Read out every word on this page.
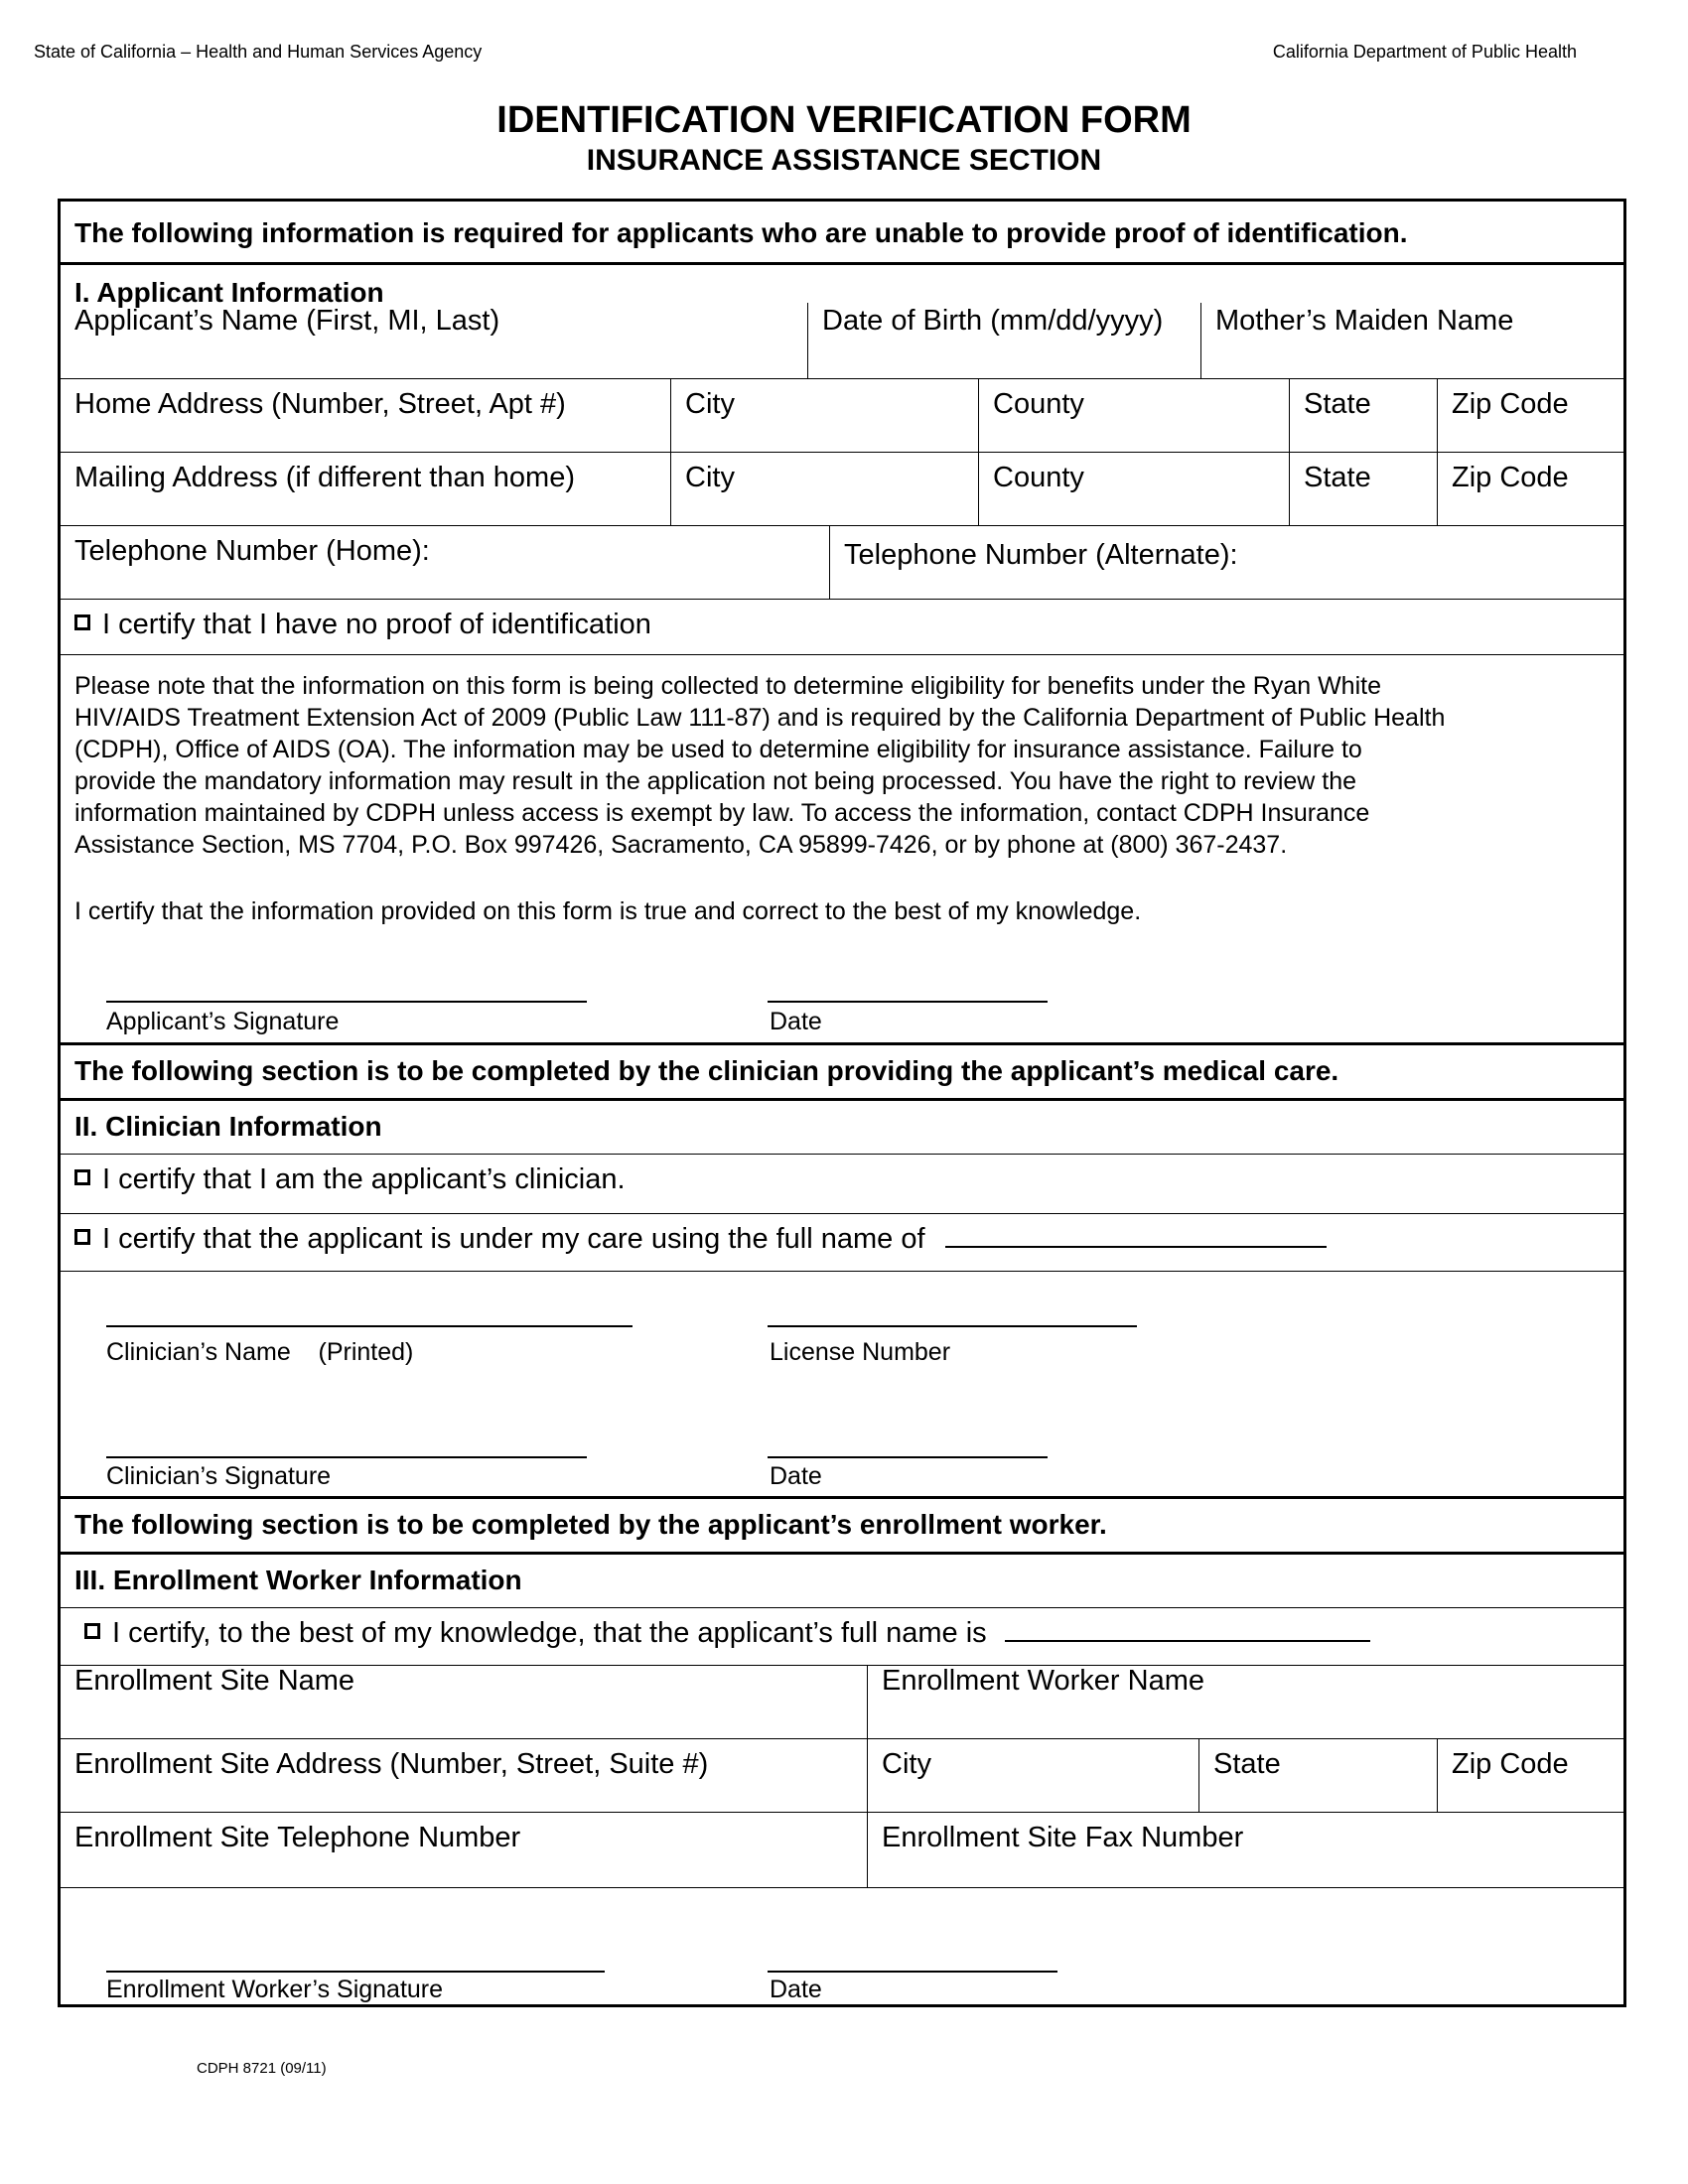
State of California – Health and Human Services Agency	California Department of Public Health
IDENTIFICATION VERIFICATION FORM
INSURANCE ASSISTANCE SECTION
The following information is required for applicants who are unable to provide proof of identification.
I. Applicant Information
Applicant’s Name (First, MI, Last)	Date of Birth (mm/dd/yyyy)	Mother’s Maiden Name
Home Address (Number, Street, Apt #)	City	County	State	Zip Code
Mailing Address (if different than home)	City	County	State	Zip Code
Telephone Number (Home):	Telephone Number (Alternate):
I certify that I have no proof of identification
Please note that the information on this form is being collected to determine eligibility for benefits under the Ryan White
HIV/AIDS Treatment Extension Act of 2009 (Public Law 111-87) and is required by the California Department of Public Health
(CDPH), Office of AIDS (OA). The information may be used to determine eligibility for insurance assistance. Failure to
provide the mandatory information may result in the application not being processed. You have the right to review the
information maintained by CDPH unless access is exempt by law. To access the information, contact CDPH Insurance
Assistance Section, MS 7704, P.O. Box 997426, Sacramento, CA 95899-7426, or by phone at (800) 367-2437.
I certify that the information provided on this form is true and correct to the best of my knowledge.
Applicant’s Signature	Date
The following section is to be completed by the clinician providing the applicant’s medical care.
II. Clinician Information
I certify that I am the applicant’s clinician.
I certify that the applicant is under my care using the full name of
Clinician’s Name (Printed)	License Number
Clinician’s Signature	Date
The following section is to be completed by the applicant’s enrollment worker.
III. Enrollment Worker Information
I certify, to the best of my knowledge, that the applicant’s full name is
Enrollment Site Name	Enrollment Worker Name
Enrollment Site Address (Number, Street, Suite #)	City	State	Zip Code
Enrollment Site Telephone Number	Enrollment Site Fax Number
Enrollment Worker’s Signature	Date
CDPH 8721 (09/11)
